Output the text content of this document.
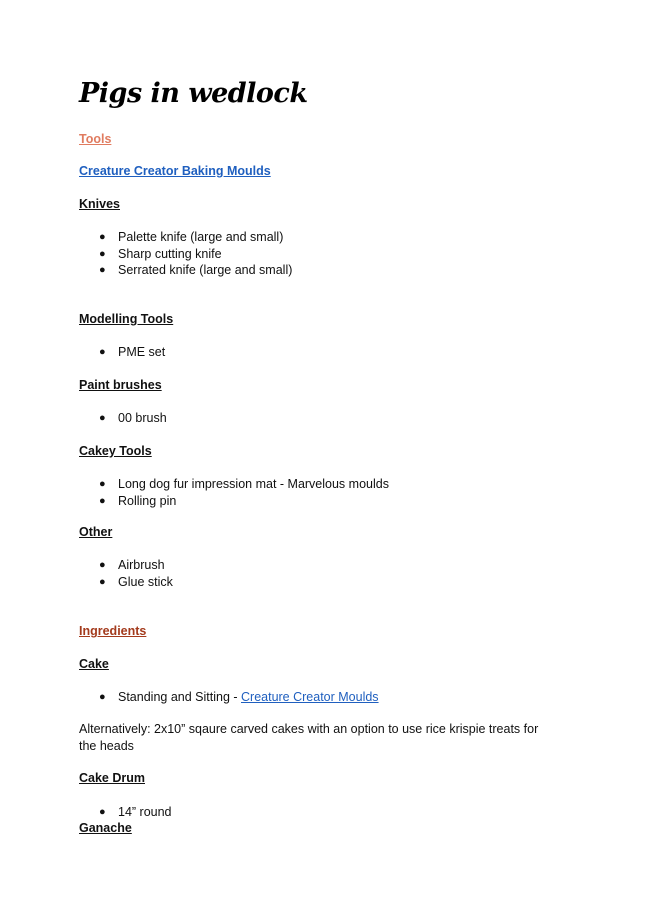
Pigs in wedlock

Tools

Creature Creator Baking Moulds

Knives

● Palette knife (large and small)
● Sharp cutting knife
● Serrated knife (large and small)

Modelling Tools

● PME set

Paint brushes

● 00 brush

Cakey Tools

● Long dog fur impression mat - Marvelous moulds
● Rolling pin

Other

● Airbrush
● Glue stick

Ingredients

Cake

● Standing and Sitting - Creature Creator Moulds

Alternatively: 2x10” sqaure carved cakes with an option to use rice krispie treats for the heads

Cake Drum

● 14” round

Ganache
